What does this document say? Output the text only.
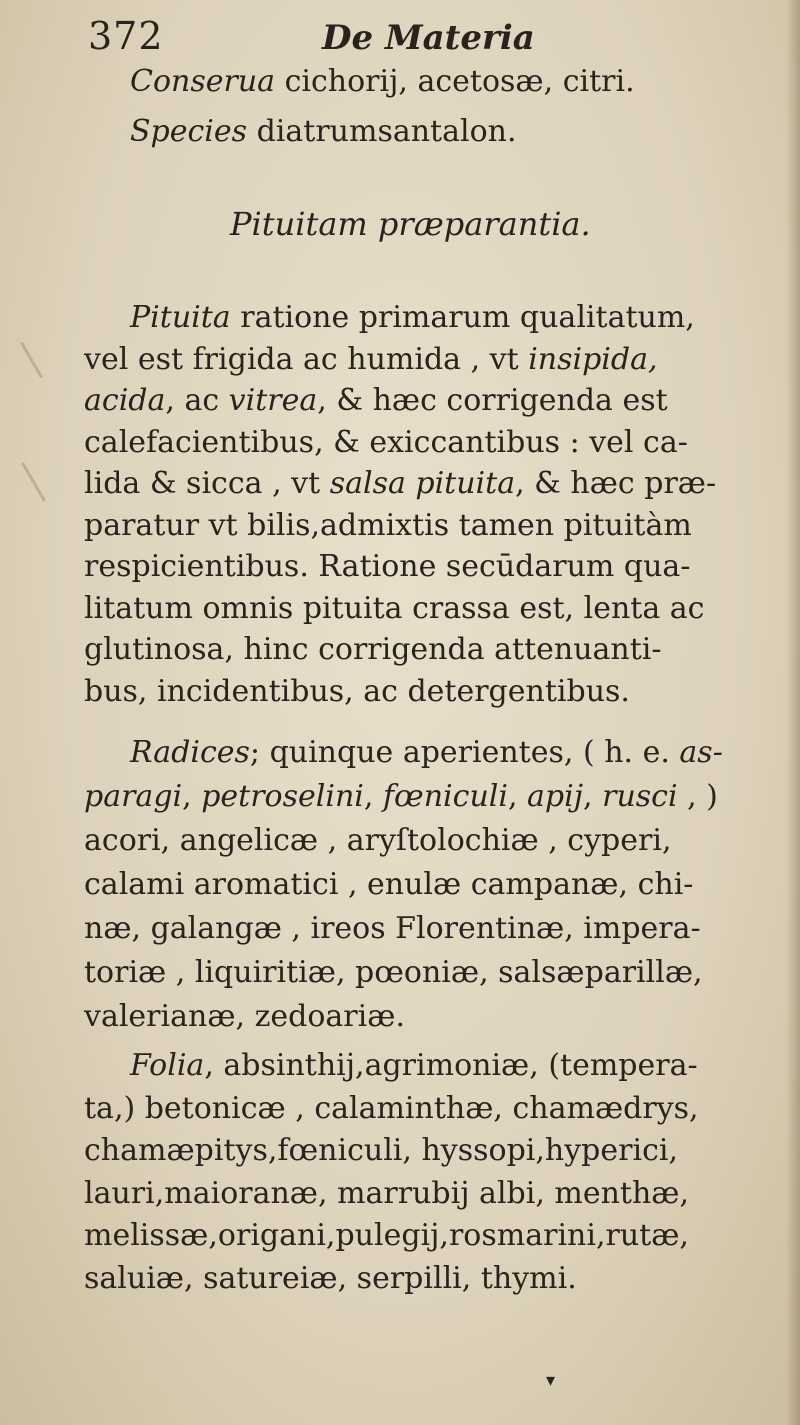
372	De Materia
Conserua cichorij, acetosæ, citri.
Species diatrumsantalon.
Pituitam præparantia.
Pituita ratione primarum qualitatum,
vel est frigida ac humida , vt insipida,
acida, ac vitrea, & hæc corrigenda est
calefacientibus, & exiccantibus : vel ca-
lida & sicca , vt salsa pituita, & hæc præ-
paratur vt bilis,admixtis tamen pituitàm
respicientibus. Ratione secūdarum qua-
litatum omnis pituita crassa est, lenta ac
glutinosa, hinc corrigenda attenuanti-
bus, incidentibus, ac detergentibus.
Radices; quinque aperientes, ( h. e. as-
paragi, petroselini, fœniculi, apij, rusci , )
acori, angelicæ , aryſtolochiæ , cyperi,
calami aromatici , enulæ campanæ, chi-
næ, galangæ , ireos Florentinæ, impera-
toriæ , liquiritiæ, pœoniæ, salsæparillæ,
valerianæ, zedoariæ.
Folia, absinthij,agrimoniæ, (tempera-
ta,) betonicæ , calaminthæ, chamædrys,
chamæpitys,fœniculi, hyssopi,hyperici,
lauri,maioranæ, marrubij albi, menthæ,
melissæ,origani,pulegij,rosmarini,rutæ,
saluiæ, satureiæ, serpilli, thymi.
▾
